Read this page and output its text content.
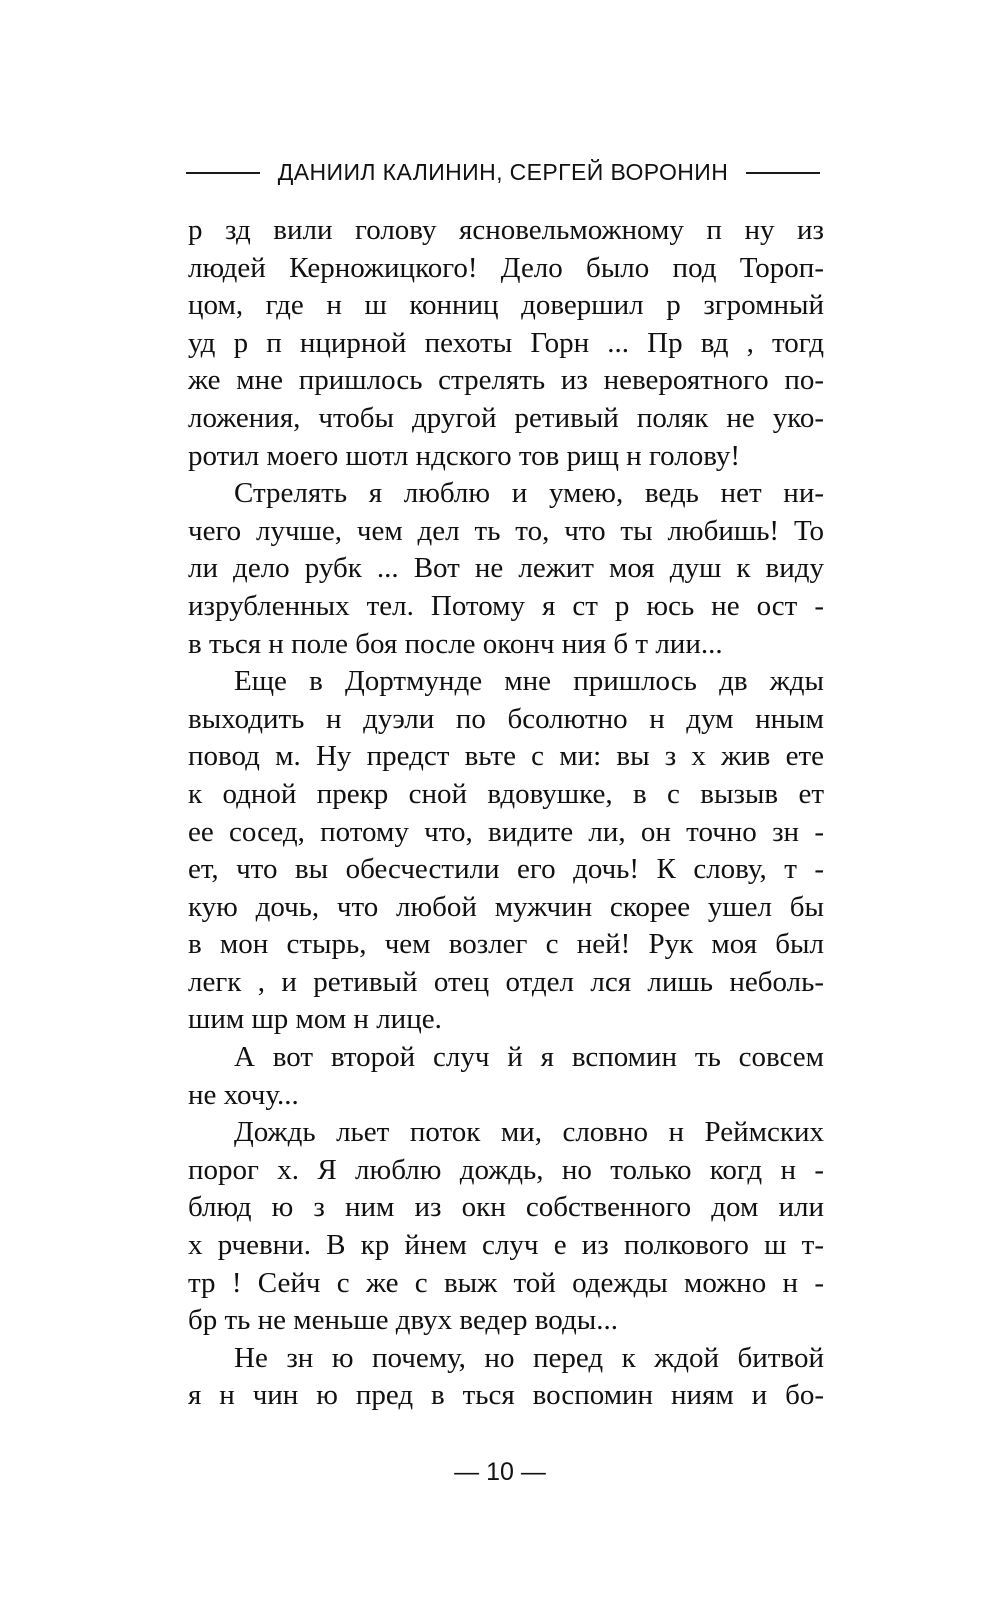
ДАНИИЛ КАЛИНИН, СЕРГЕЙ ВОРОНИН
р зд вили голову ясновельможному п ну из
людей Керножицкого! Дело было под Тороп-
цом, где н ш конниц довершил р згромный
уд р п нцирной пехоты Горн ... Пр вд , тогд
же мне пришлось стрелять из невероятного по-
ложения, чтобы другой ретивый поляк не уко-
ротил моего шотл ндского тов рищ н голову!
Стрелять я люблю и умею, ведь нет ни-
чего лучше, чем дел ть то, что ты любишь! То
ли дело рубк ... Вот не лежит моя душ к виду
изрубленных тел. Потому я ст р юсь не ост -
в ться н поле боя после оконч ния б т лии...
Еще в Дортмунде мне пришлось дв жды
выходить н дуэли по бсолютно н дум нным
повод м. Ну предст вьте с ми: вы з х жив ете
к одной прекр сной вдовушке, в с вызыв ет
ее сосед, потому что, видите ли, он точно зн -
ет, что вы обесчестили его дочь! К слову, т -
кую дочь, что любой мужчин скорее ушел бы
в мон стырь, чем возлег с ней! Рук моя был
легк , и ретивый отец отдел лся лишь неболь-
шим шр мом н лице.
А вот второй случ й я вспомин ть совсем
не хочу...
Дождь льет поток ми, словно н Реймских
порог х. Я люблю дождь, но только когд н -
блюд ю з ним из окн собственного дом или
х рчевни. В кр йнем случ е из полкового ш т-
тр ! Сейч с же с выж той одежды можно н -
бр ть не меньше двух ведер воды...
Не зн ю почему, но перед к ждой битвой
я н чин ю пред в ться воспомин ниям и бо-
— 10 —
